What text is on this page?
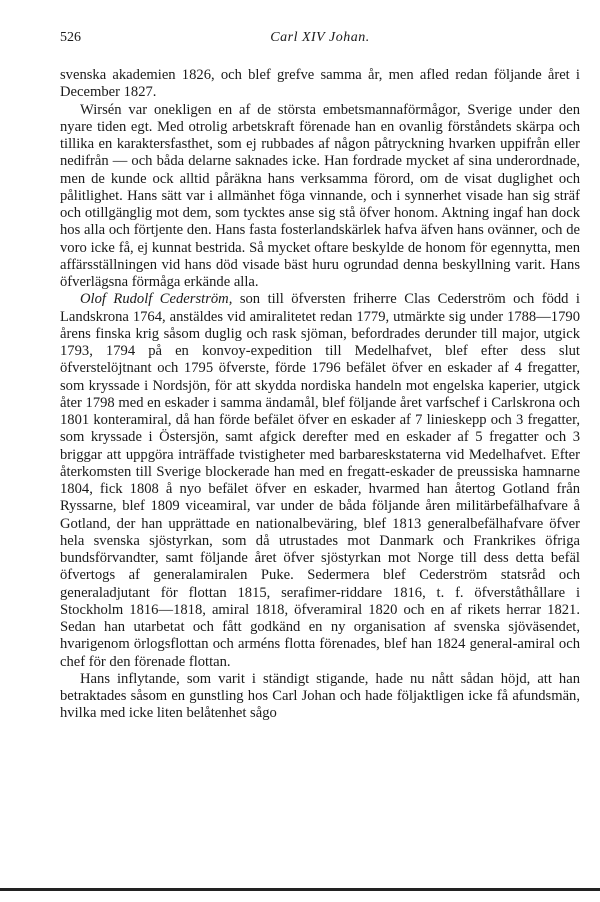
526	Carl XIV Johan.

svenska akademien 1826, och blef grefve samma år, men afled redan följande året i December 1827.

Wirsén var onekligen en af de största embetsmannaförmågor, Sverige under den nyare tiden egt. Med otrolig arbetskraft förenade han en ovanlig förståndets skärpa och tillika en karaktersfasthet, som ej rubbades af någon påtryckning hvarken uppifrån eller nedifrån — och båda delarne saknades icke. Han fordrade mycket af sina underordnade, men de kunde ock alltid påräkna hans verksamma förord, om de visat duglighet och pålitlighet. Hans sätt var i allmänhet föga vinnande, och i synnerhet visade han sig sträf och otillgänglig mot dem, som tycktes anse sig stå öfver honom. Aktning ingaf han dock hos alla och förtjente den. Hans fasta fosterlandskärlek hafva äfven hans ovänner, och de voro icke få, ej kunnat bestrida. Så mycket oftare beskylde de honom för egennytta, men affärsställningen vid hans död visade bäst huru ogrundad denna beskyllning varit. Hans öfverlägsna förmåga erkände alla.

Olof Rudolf Cederström, son till öfversten friherre Clas Cederström och född i Landskrona 1764, anstäldes vid amiralitetet redan 1779, utmärkte sig under 1788—1790 årens finska krig såsom duglig och rask sjöman, befordrades derunder till major, utgick 1793, 1794 på en konvoy-expedition till Medelhafvet, blef efter dess slut öfverstelöjtnant och 1795 öfverste, förde 1796 befälet öfver en eskader af 4 fregatter, som kryssade i Nordsjön, för att skydda nordiska handeln mot engelska kaperier, utgick åter 1798 med en eskader i samma ändamål, blef följande året varfschef i Carlskrona och 1801 konteramiral, då han förde befälet öfver en eskader af 7 linieskepp och 3 fregatter, som kryssade i Östersjön, samt afgick derefter med en eskader af 5 fregatter och 3 briggar att uppgöra inträffade tvistigheter med barbareskstaterna vid Medelhafvet. Efter återkomsten till Sverige blockerade han med en fregatt-eskader de preussiska hamnarne 1804, fick 1808 å nyo befälet öfver en eskader, hvarmed han återtog Gotland från Ryssarne, blef 1809 viceamiral, var under de båda följande åren militärbefälhafvare å Gotland, der han upprättade en nationalbeväring, blef 1813 generalbefälhafvare öfver hela svenska sjöstyrkan, som då utrustades mot Danmark och Frankrikes öfriga bundsförvandter, samt följande året öfver sjöstyrkan mot Norge till dess detta befäl öfvertogs af generalamiralen Puke. Sedermera blef Cederström statsråd och generaladjutant för flottan 1815, serafimer-riddare 1816, t. f. öfverståthållare i Stockholm 1816—1818, amiral 1818, öfveramiral 1820 och en af rikets herrar 1821. Sedan han utarbetat och fått godkänd en ny organisation af svenska sjöväsendet, hvarigenom örlogsflottan och arméns flotta förenades, blef han 1824 general-amiral och chef för den förenade flottan.

Hans inflytande, som varit i ständigt stigande, hade nu nått sådan höjd, att han betraktades såsom en gunstling hos Carl Johan och hade följaktligen icke få afundsmän, hvilka med icke liten belåtenhet sågo
